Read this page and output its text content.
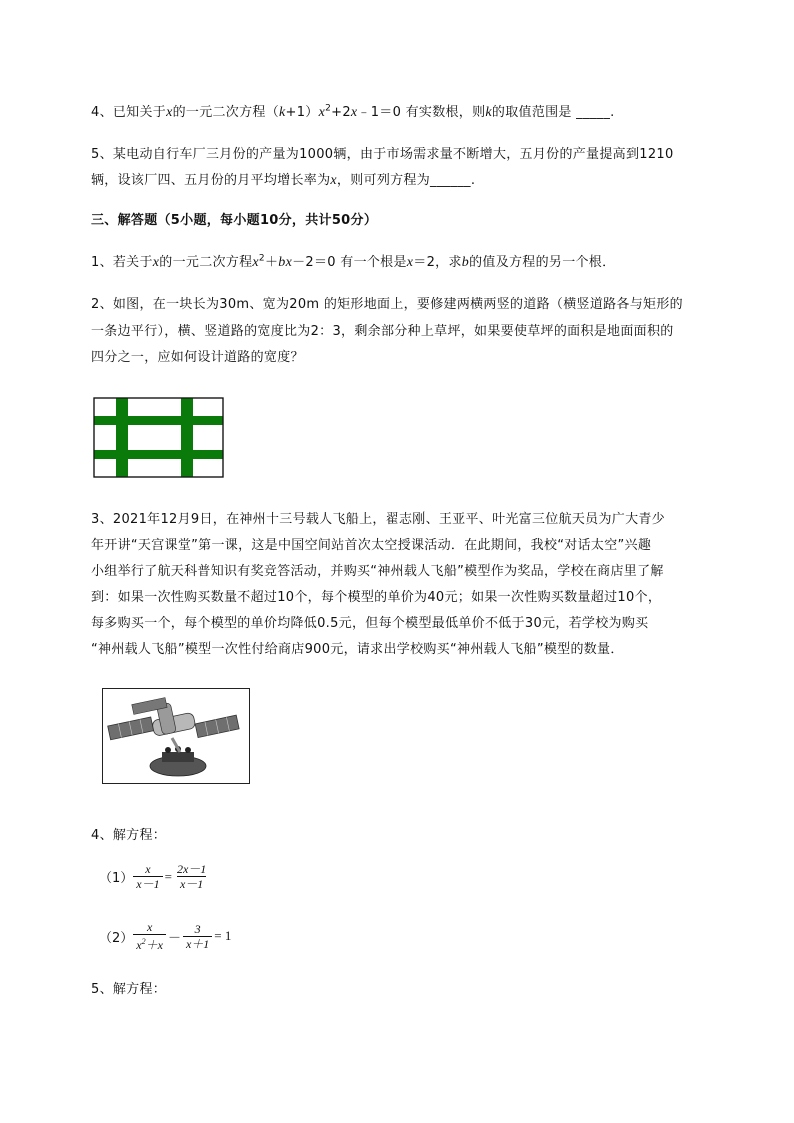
4、已知关于x的一元二次方程$(k+1)x^2+2x﹣1=0$ 有实数根，则k的取值范围是 _____.
5、某电动自行车厂三月份的产量为1000辆，由于市场需求量不断增大，五月份的产量提高到1210
辆，设该厂四、五月份的月平均增长率为x，则可列方程为______.
三、解答题（5小题，每小题10分，共计50分）
1、若关于x的一元二次方程$x^2+bx-2=0$ 有一个根是x＝2，求b的值及方程的另一个根．
2、如图，在一块长为30m、宽为20m 的矩形地面上，要修建两横两竖的道路（横竖道路各与矩形的
一条边平行），横、竖道路的宽度比为2：3，剩余部分种上草坪，如果要使草坪的面积是地面面积的
四分之一，应如何设计道路的宽度？
3、2021年12月9日，在神州十三号载人飞船上，翟志刚、王亚平、叶光富三位航天员为广大青少
年开讲“天宫课堂”第一课，这是中国空间站首次太空授课活动．在此期间，我校“对话太空”兴趣
小组举行了航天科普知识有奖竞答活动，并购买“神州载人飞船”模型作为奖品，学校在商店里了解
到：如果一次性购买数量不超过10个，每个模型的单价为40元；如果一次性购买数量超过10个，
每多购买一个，每个模型的单价均降低0.5元，但每个模型最低单价不低于30元，若学校为购买
“神州载人飞船”模型一次性付给商店900元，请求出学校购买“神州载人飞船”模型的数量．
4、解方程：
$(1) \frac{x}{x-1} = \frac{2x-1}{x-1}$
$(2) \frac{x}{x^2+x} - \frac{3}{x+1} = 1$
5、解方程：
